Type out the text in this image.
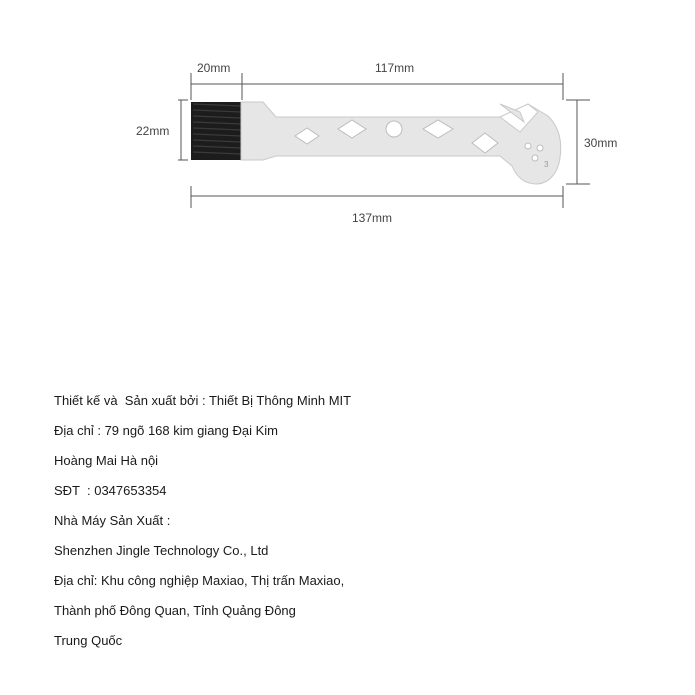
20mm	117mm
22mm
30mm
137mm
3
Thiết kế và  Sản xuất bởi : Thiết Bị Thông Minh MIT
Địa chỉ : 79 ngõ 168 kim giang Đại Kim
Hoàng Mai Hà nội
SĐT  : 0347653354
Nhà Máy Sản Xuất :
Shenzhen Jingle Technology Co., Ltd
Địa chỉ: Khu công nghiệp Maxiao, Thị trấn Maxiao,
Thành phố Đông Quan, Tỉnh Quảng Đông
Trung Quốc
